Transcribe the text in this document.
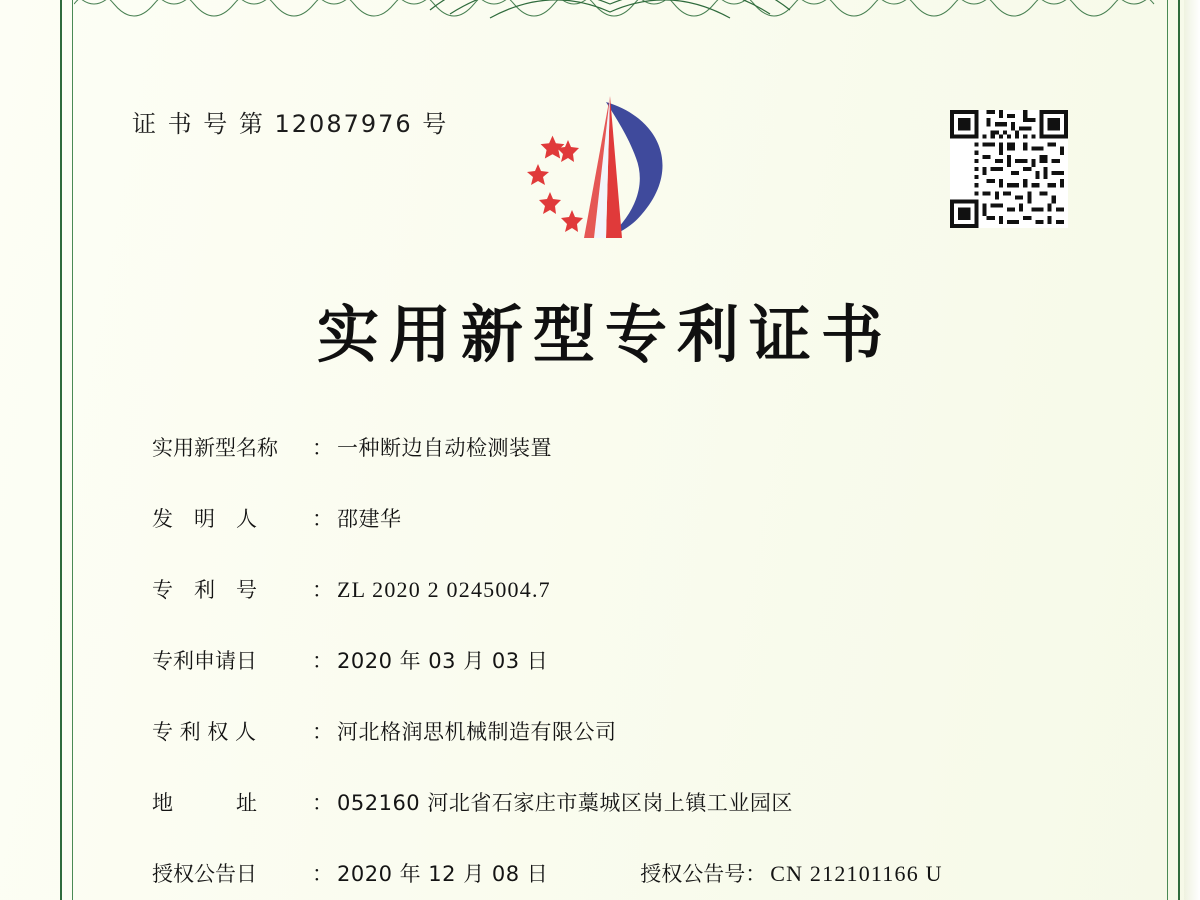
证 书 号 第 12087976 号
实用新型专利证书
实用新型名称	： 一种断边自动检测装置
发　明　人	： 邵建华
专　利　号	： ZL 2020 2 0245004.7
专利申请日	： 2020 年 03 月 03 日
专 利 权 人	： 河北格润思机械制造有限公司
地　　　址	： 052160 河北省石家庄市藁城区岗上镇工业园区
授权公告日	： 2020 年 12 月 08 日	授权公告号 ： CN 212101166 U
